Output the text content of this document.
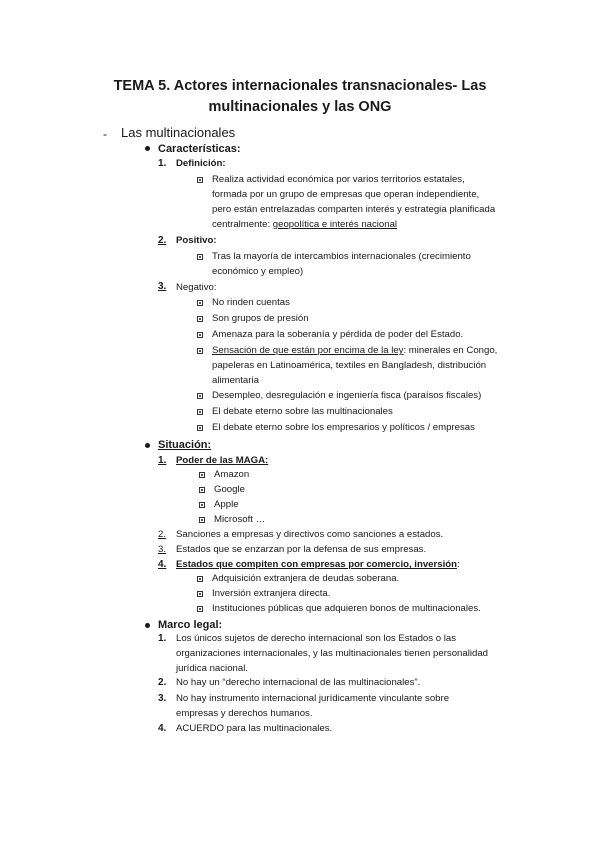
TEMA 5. Actores internacionales transnacionales- Las
multinacionales y las ONG
- Las multinacionales
Características:
1. Definición:
Realiza actividad económica por varios territorios estatales,
formada por un grupo de empresas que operan independiente,
pero están entrelazadas comparten interés y estrategia planificada
centralmente: geopolítica e interés nacional
2. Positivo:
Tras la mayoría de intercambios internacionales (crecimiento
económico y empleo)
3. Negativo:
No rinden cuentas
Son grupos de presión
Amenaza para la soberanía y pérdida de poder del Estado.
Sensación de que están por encima de la ley: minerales en Congo,
papeleras en Latinoamérica, textiles en Bangladesh, distribución
alimentaria
Desempleo, desregulación e ingeniería fisca (paraísos fiscales)
El debate eterno sobre las multinacionales
El debate eterno sobre los empresarios y políticos / empresas
Situación:
1. Poder de las MAGA:
Amazon
Google
Apple
Microsoft …
2. Sanciones a empresas y directivos como sanciones a estados.
3. Estados que se enzarzan por la defensa de sus empresas.
4. Estados que compiten con empresas por comercio, inversión:
Adquisición extranjera de deudas soberana.
Inversión extranjera directa.
Instituciones públicas que adquieren bonos de multinacionales.
Marco legal:
1. Los únicos sujetos de derecho internacional son los Estados o las
organizaciones internacionales, y las multinacionales tienen personalidad
jurídica nacional.
2. No hay un “derecho internacional de las multinacionales”.
3. No hay instrumento internacional jurídicamente vinculante sobre
empresas y derechos humanos.
4. ACUERDO para las multinacionales.
